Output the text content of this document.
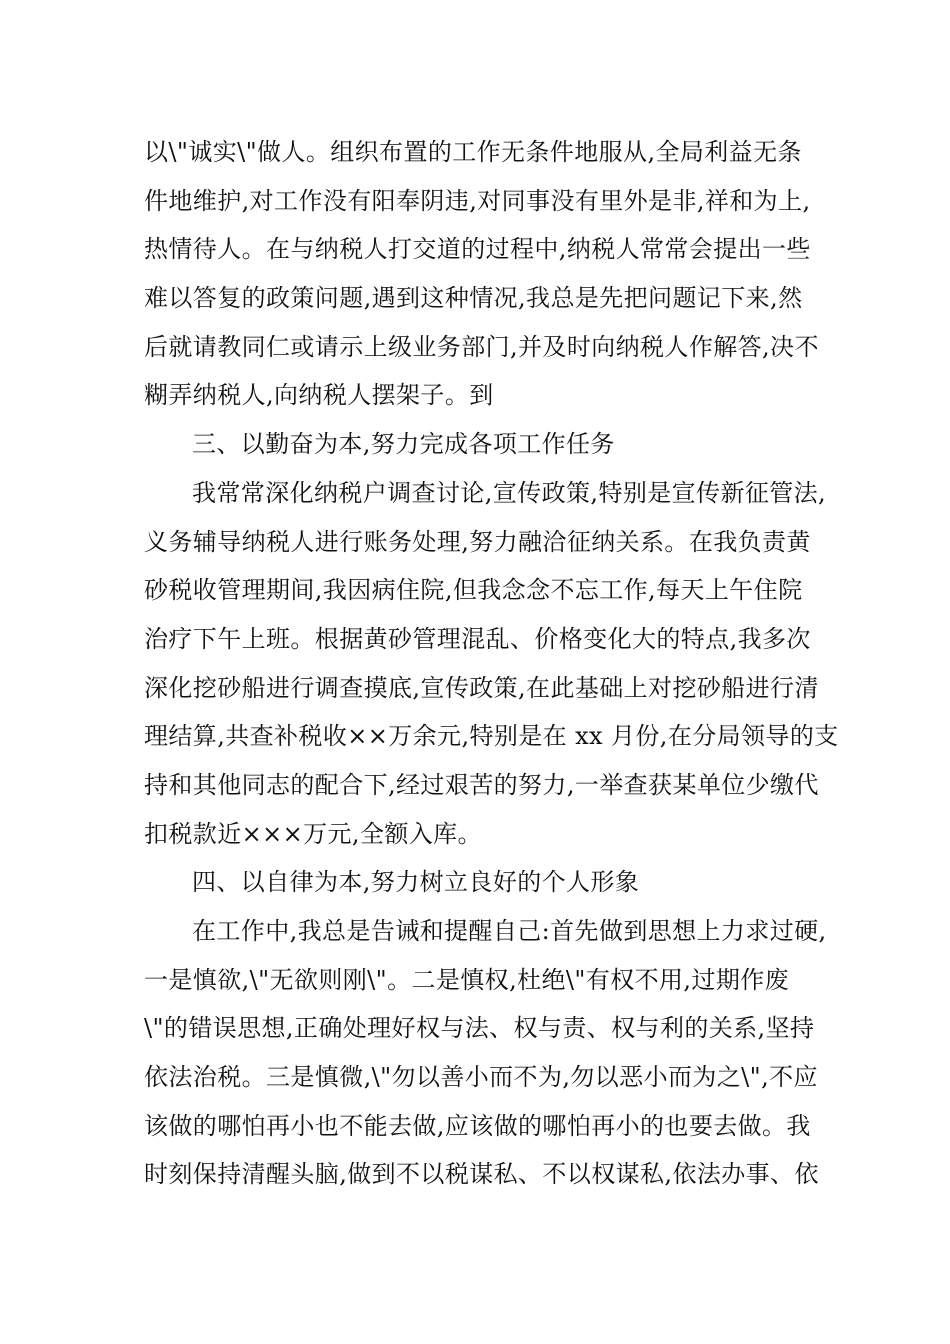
以\"诚实\"做人。组织布置的工作无条件地服从,全局利益无条
件地维护,对工作没有阳奉阴违,对同事没有里外是非,祥和为上,
热情待人。在与纳税人打交道的过程中,纳税人常常会提出一些
难以答复的政策问题,遇到这种情况,我总是先把问题记下来,然
后就请教同仁或请示上级业务部门,并及时向纳税人作解答,决不
糊弄纳税人,向纳税人摆架子。到
三、以勤奋为本,努力完成各项工作任务
我常常深化纳税户调查讨论,宣传政策,特别是宣传新征管法,
义务辅导纳税人进行账务处理,努力融洽征纳关系。在我负责黄
砂税收管理期间,我因病住院,但我念念不忘工作,每天上午住院
治疗下午上班。根据黄砂管理混乱、价格变化大的特点,我多次
深化挖砂船进行调查摸底,宣传政策,在此基础上对挖砂船进行清
理结算,共查补税收××万余元,特别是在 xx 月份,在分局领导的支
持和其他同志的配合下,经过艰苦的努力,一举查获某单位少缴代
扣税款近×××万元,全额入库。
四、以自律为本,努力树立良好的个人形象
在工作中,我总是告诫和提醒自己:首先做到思想上力求过硬,
一是慎欲,\"无欲则刚\"。二是慎权,杜绝\"有权不用,过期作废
\"的错误思想,正确处理好权与法、权与责、权与利的关系,坚持
依法治税。三是慎微,\"勿以善小而不为,勿以恶小而为之\",不应
该做的哪怕再小也不能去做,应该做的哪怕再小的也要去做。我
时刻保持清醒头脑,做到不以税谋私、不以权谋私,依法办事、依
